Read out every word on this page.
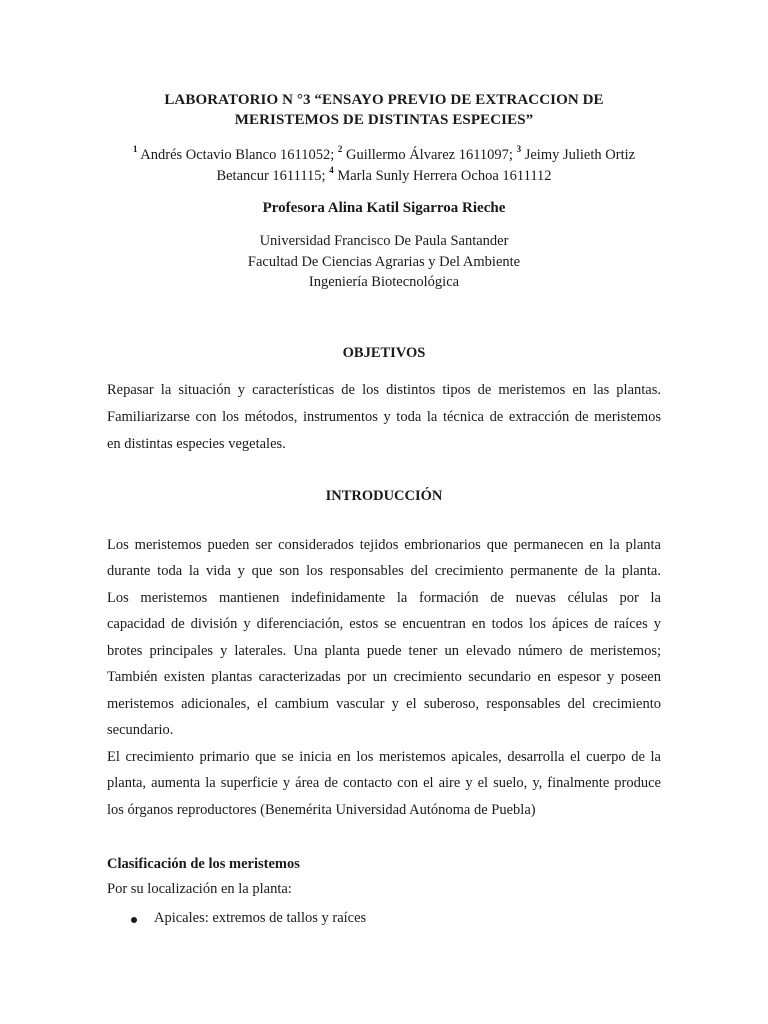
LABORATORIO N °3 “ENSAYO PREVIO DE EXTRACCION DE
MERISTEMOS DE DISTINTAS ESPECIES”
$^1$ Andrés Octavio Blanco 1611052; $^2$ Guillermo Álvarez 1611097; $^3$ Jeimy Julieth Ortiz
Betancur 1611115; $^4$ Marla Sunly Herrera Ochoa 1611112
Profesora Alina Katil Sigarroa Rieche
Universidad Francisco De Paula Santander
Facultad De Ciencias Agrarias y Del Ambiente
Ingeniería Biotecnológica
OBJETIVOS
Repasar la situación y características de los distintos tipos de meristemos en las plantas.
Familiarizarse con los métodos, instrumentos y toda la técnica de extracción de meristemos
en distintas especies vegetales.
INTRODUCCIÓN
Los meristemos pueden ser considerados tejidos embrionarios que permanecen en la planta
durante toda la vida y que son los responsables del crecimiento permanente de la planta.
Los meristemos mantienen indefinidamente la formación de nuevas células por la
capacidad de división y diferenciación, estos se encuentran en todos los ápices de raíces y
brotes principales y laterales. Una planta puede tener un elevado número de meristemos;
También existen plantas caracterizadas por un crecimiento secundario en espesor y poseen
meristemos adicionales, el cambium vascular y el suberoso, responsables del crecimiento
secundario.
El crecimiento primario que se inicia en los meristemos apicales, desarrolla el cuerpo de la
planta, aumenta la superficie y área de contacto con el aire y el suelo, y, finalmente produce
los órganos reproductores (Benemérita Universidad Autónoma de Puebla)
Clasificación de los meristemos
Por su localización en la planta:
Apicales: extremos de tallos y raíces
